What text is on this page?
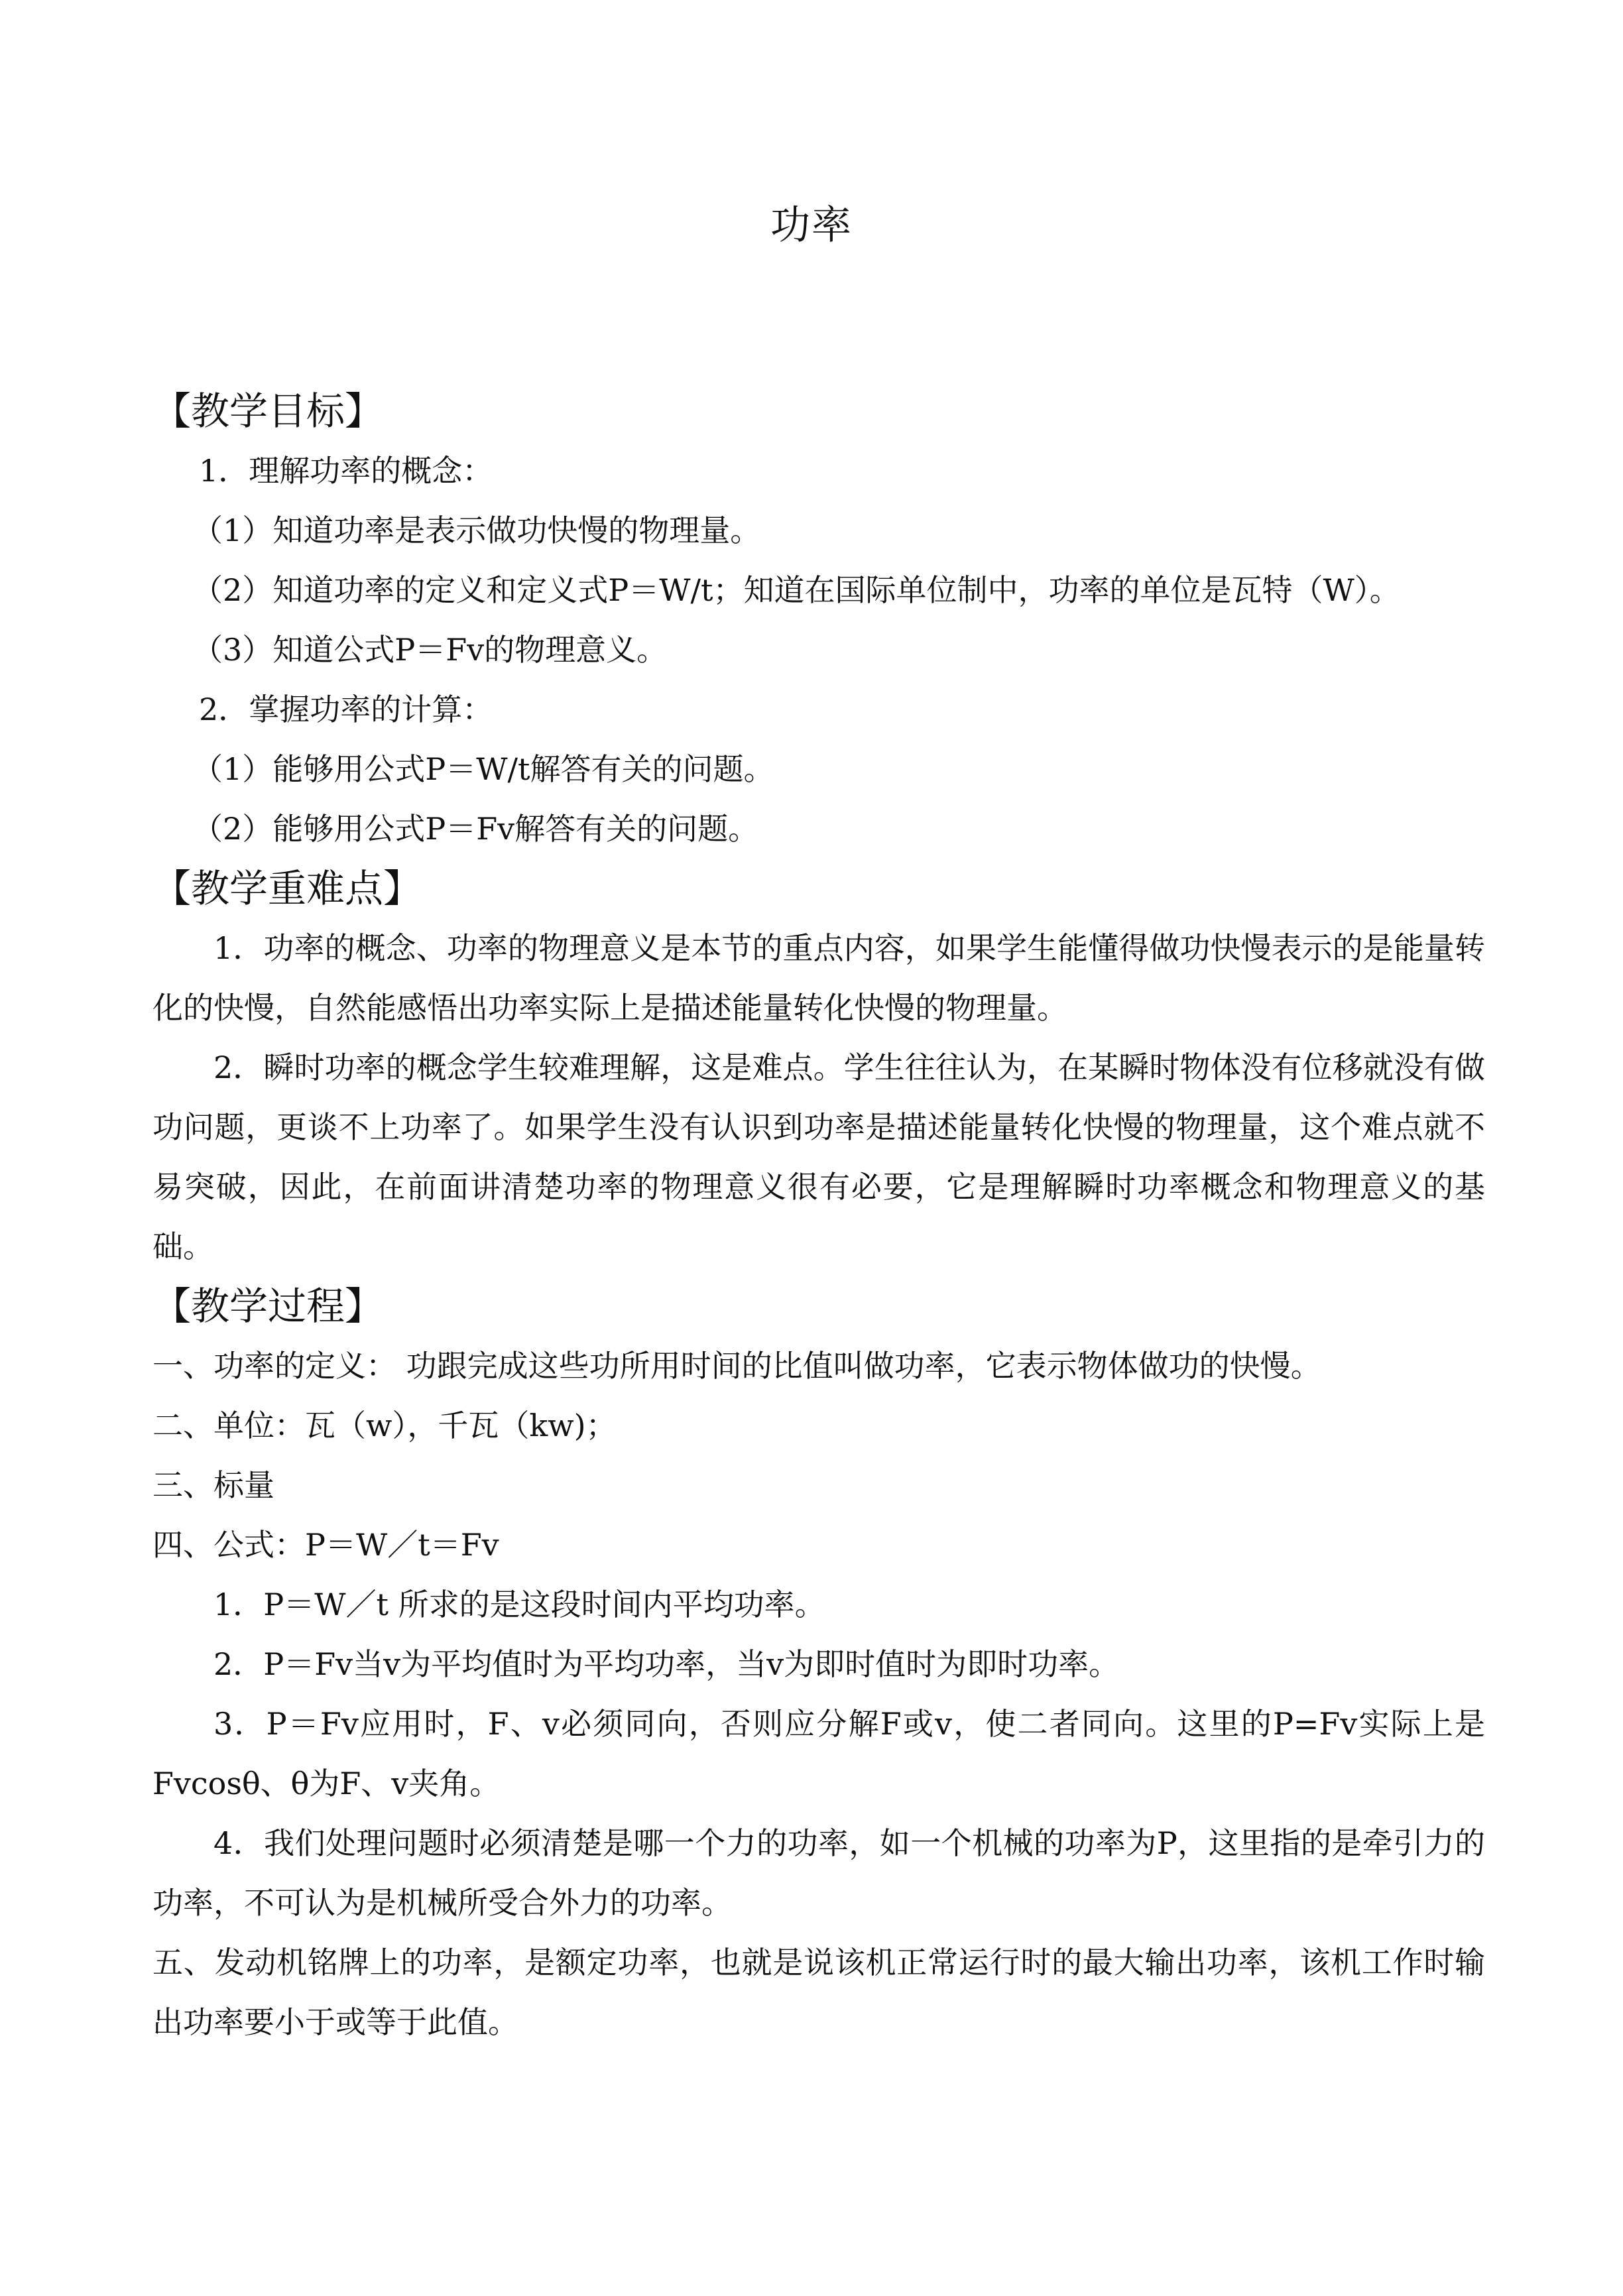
功率

【教学目标】

1．理解功率的概念：

（1）知道功率是表示做功快慢的物理量。

（2）知道功率的定义和定义式P＝W/t；知道在国际单位制中，功率的单位是瓦特（W）。

（3）知道公式P＝Fv的物理意义。

2．掌握功率的计算：

（1）能够用公式P＝W/t解答有关的问题。

（2）能够用公式P＝Fv解答有关的问题。

【教学重难点】

1．功率的概念、功率的物理意义是本节的重点内容，如果学生能懂得做功快慢表示的是能量转化的快慢，自然能感悟出功率实际上是描述能量转化快慢的物理量。

2．瞬时功率的概念学生较难理解，这是难点。学生往往认为，在某瞬时物体没有位移就没有做功问题，更谈不上功率了。如果学生没有认识到功率是描述能量转化快慢的物理量，这个难点就不易突破，因此，在前面讲清楚功率的物理意义很有必要，它是理解瞬时功率概念和物理意义的基础。

【教学过程】

一、功率的定义： 功跟完成这些功所用时间的比值叫做功率，它表示物体做功的快慢。

二、单位：瓦（w），千瓦（kw)；

三、标量

四、公式：P＝W／t＝Fv

1．P＝W／t 所求的是这段时间内平均功率。

2．P＝Fv当v为平均值时为平均功率，当v为即时值时为即时功率。

3．P＝Fv应用时，F、v必须同向，否则应分解F或v，使二者同向。这里的P=Fv实际上是Fvcosθ、θ为F、v夹角。

4．我们处理问题时必须清楚是哪一个力的功率，如一个机械的功率为P，这里指的是牵引力的功率，不可认为是机械所受合外力的功率。

五、发动机铭牌上的功率，是额定功率，也就是说该机正常运行时的最大输出功率，该机工作时输出功率要小于或等于此值。
